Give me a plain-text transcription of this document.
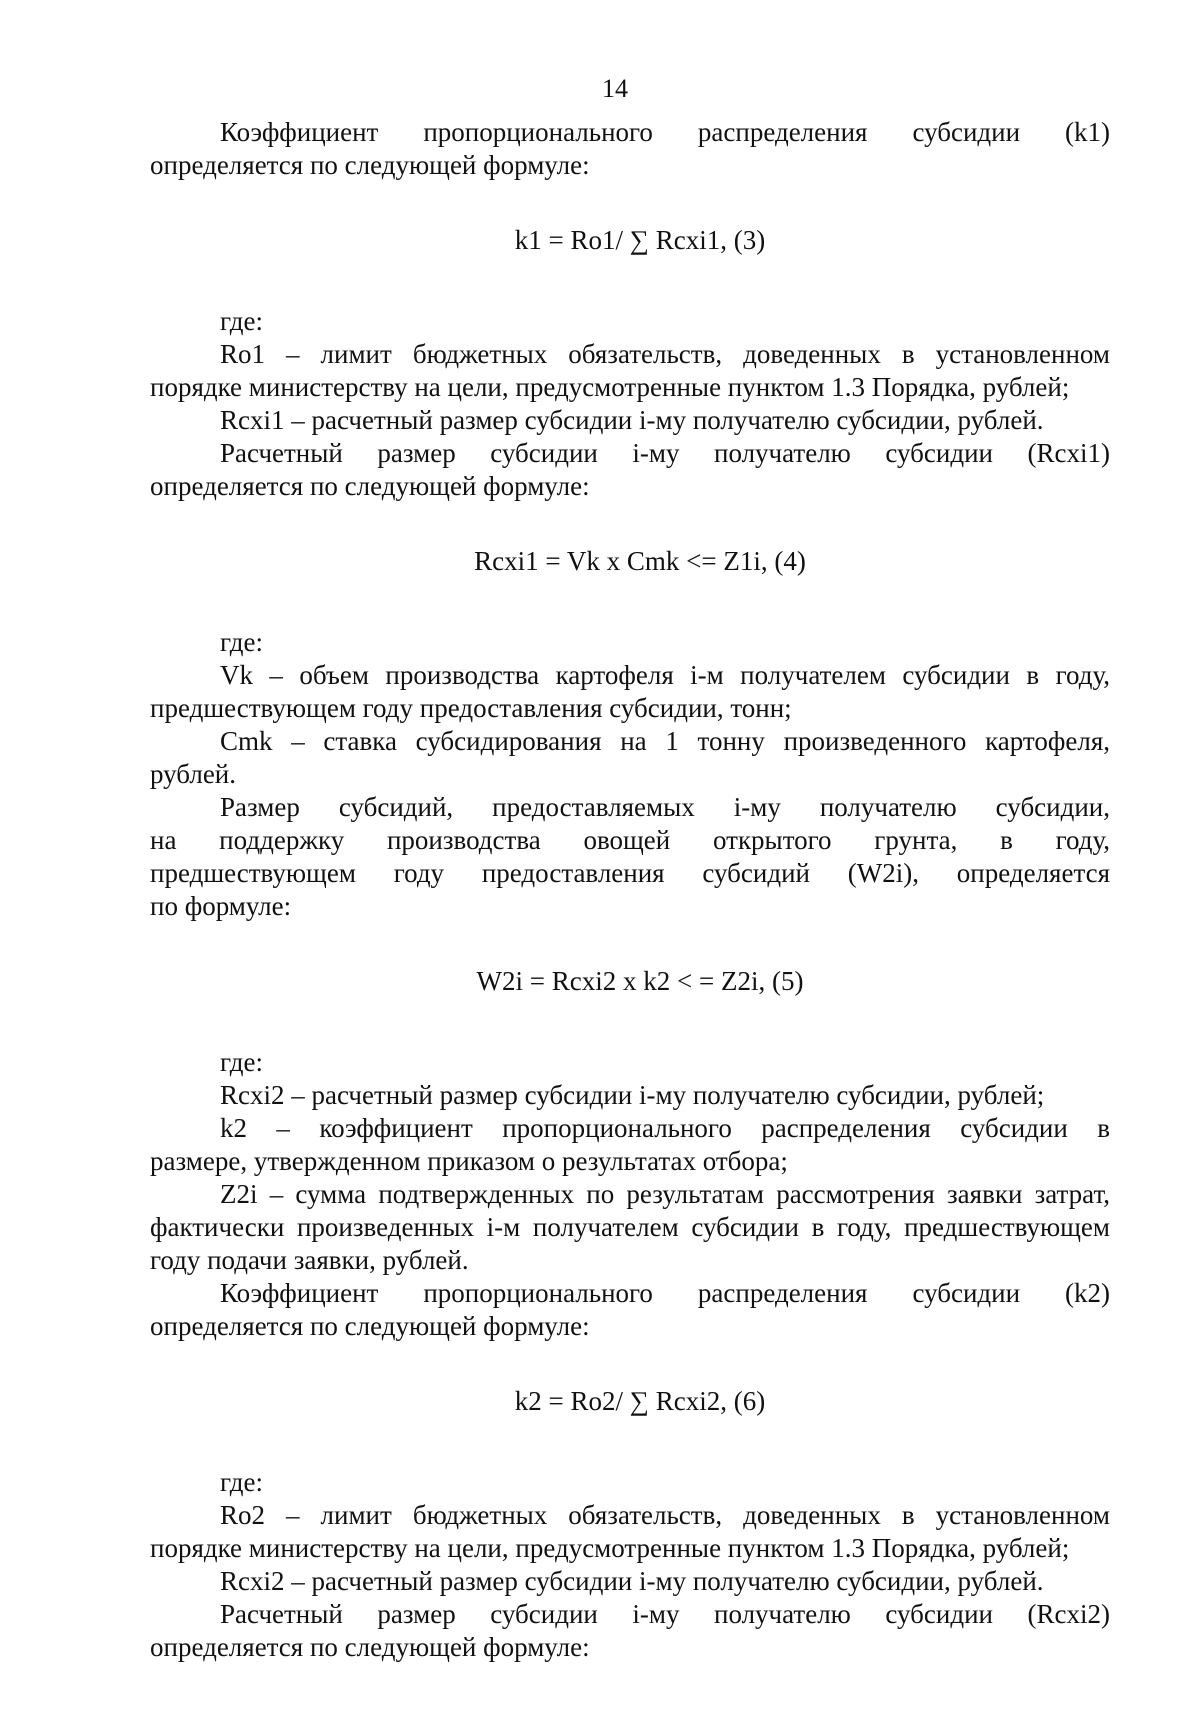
14

Коэффициент пропорционального распределения субсидии (k1)

определяется по следующей формуле:

k1 = Ro1/ ∑ Rcxi1, (3)

где:

Ro1 – лимит бюджетных обязательств, доведенных в установленном

порядке министерству на цели, предусмотренные пунктом 1.3 Порядка, рублей;

Rcxi1 – расчетный размер субсидии i-му получателю субсидии, рублей.

Расчетный размер субсидии i-му получателю субсидии (Rcxi1)

определяется по следующей формуле:

Rcxi1 = Vk x Cmk <= Z1i, (4)

где:

Vk – объем производства картофеля i-м получателем субсидии в году,

предшествующем году предоставления субсидии, тонн;

Cmk – ставка субсидирования на 1 тонну произведенного картофеля,

рублей.

Размер субсидий, предоставляемых i-му получателю субсидии,

на поддержку производства овощей открытого грунта, в году,

предшествующем году предоставления субсидий (W2i), определяется

по формуле:

W2i = Rcxi2 x k2 < = Z2i, (5)

где:

Rcxi2 – расчетный размер субсидии i-му получателю субсидии, рублей;

k2 – коэффициент пропорционального распределения субсидии в

размере, утвержденном приказом о результатах отбора;

Z2i – сумма подтвержденных по результатам рассмотрения заявки затрат,

фактически произведенных i-м получателем субсидии в году, предшествующем

году подачи заявки, рублей.

Коэффициент пропорционального распределения субсидии (k2)

определяется по следующей формуле:

k2 = Ro2/ ∑ Rcxi2, (6)

где:

Ro2 – лимит бюджетных обязательств, доведенных в установленном

порядке министерству на цели, предусмотренные пунктом 1.3 Порядка, рублей;

Rcxi2 – расчетный размер субсидии i-му получателю субсидии, рублей.

Расчетный размер субсидии i-му получателю субсидии (Rcxi2)

определяется по следующей формуле:
